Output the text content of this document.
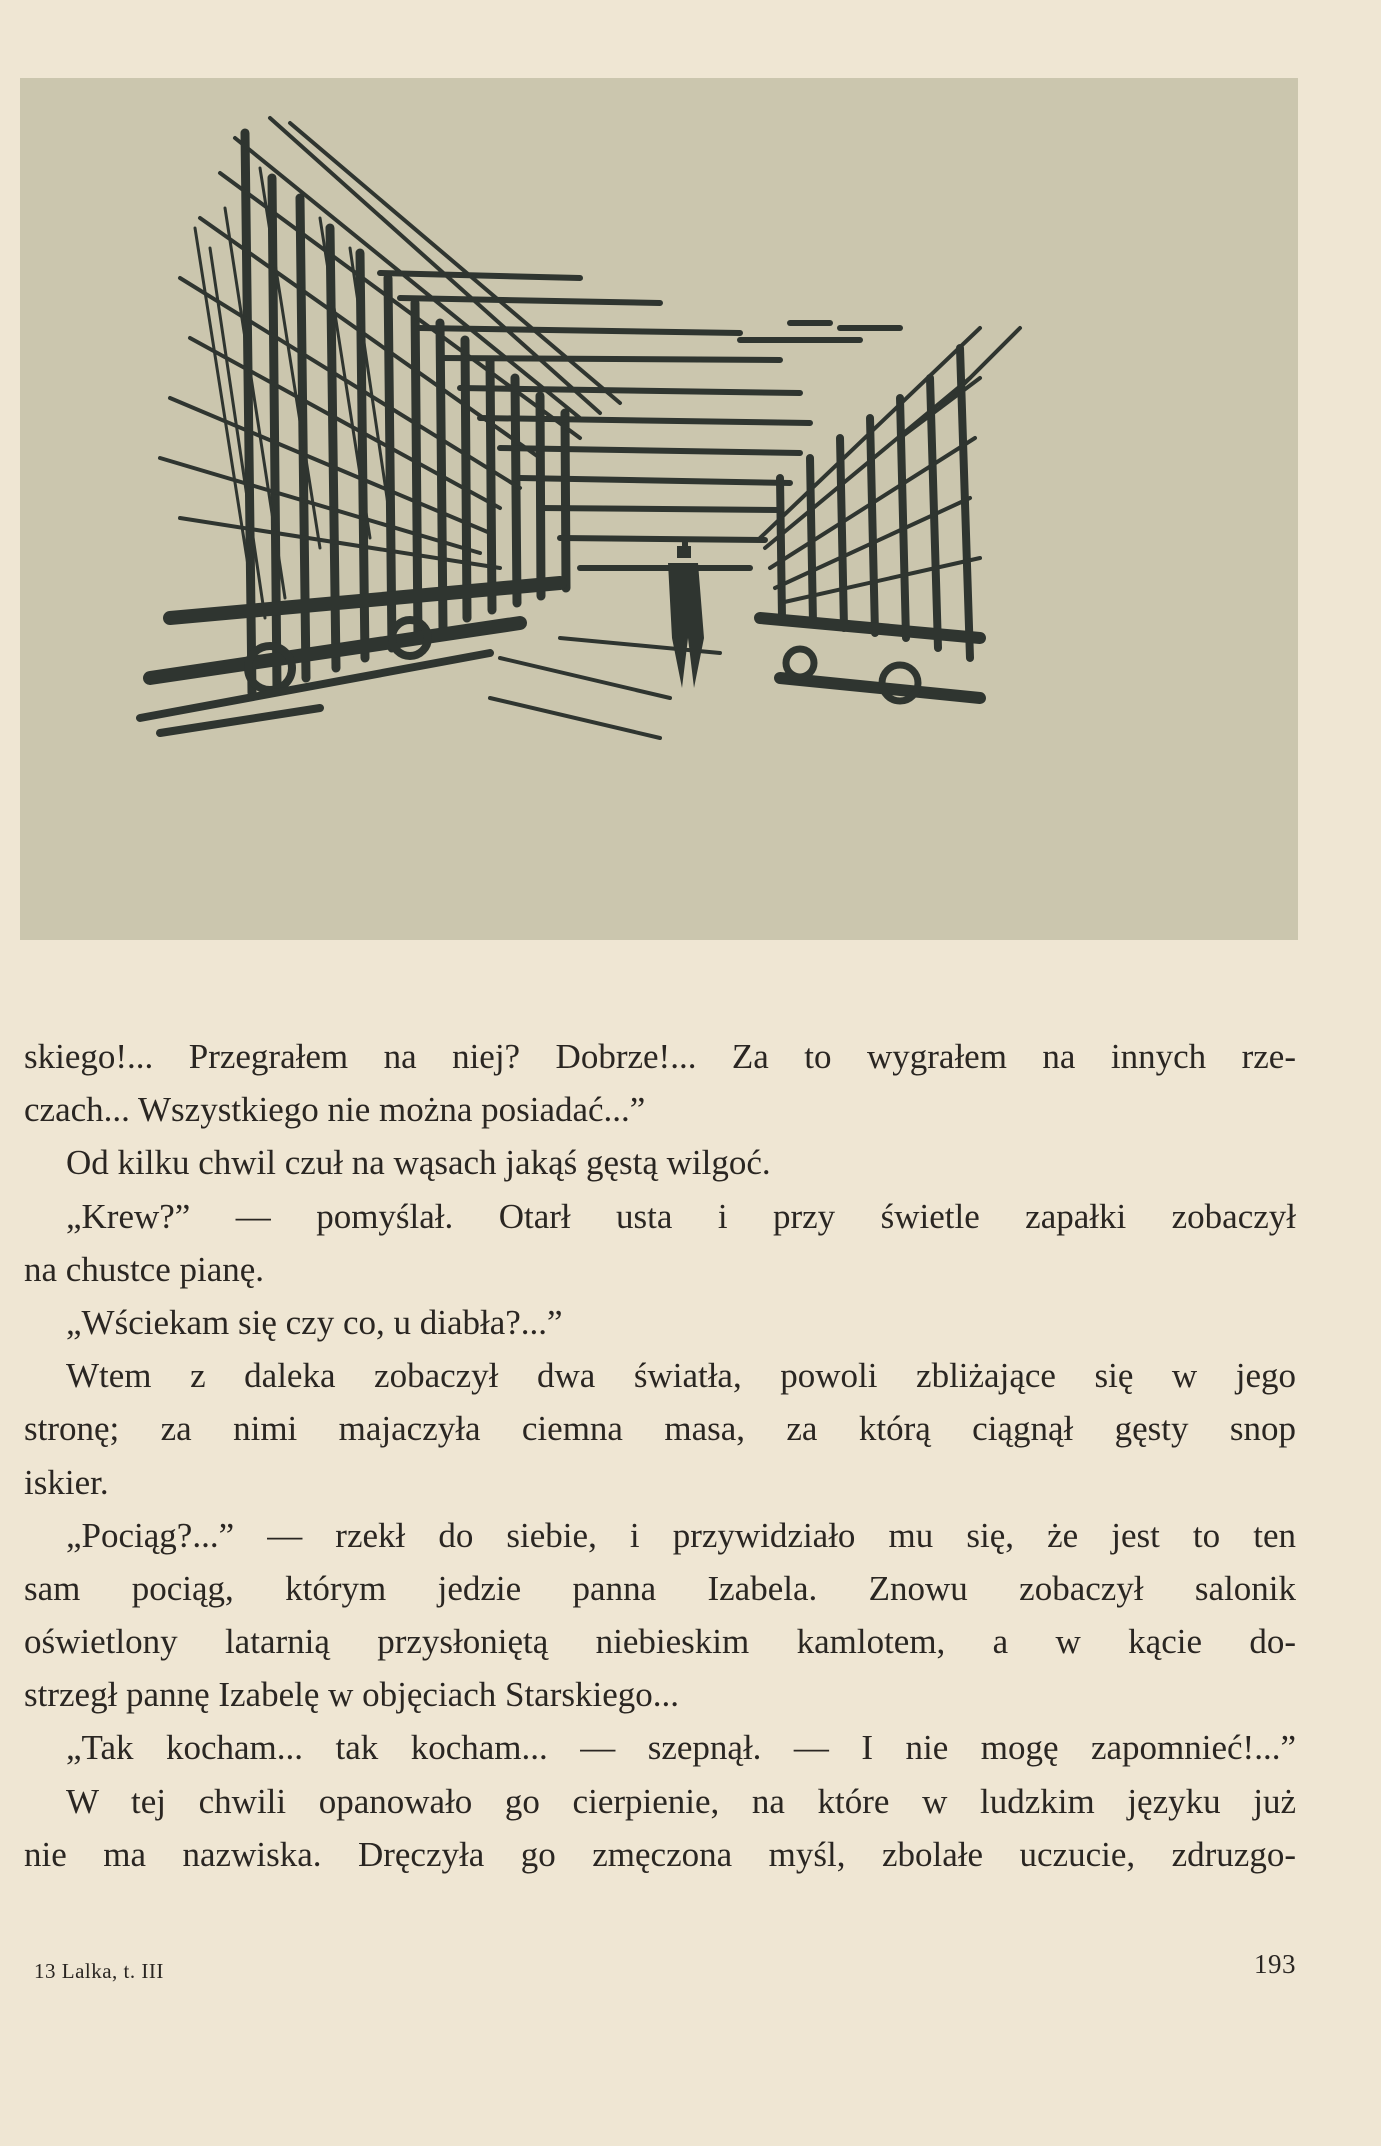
skiego!... Przegrałem na niej? Dobrze!... Za to wygrałem na innych rze-
czach... Wszystkiego nie można posiadać...”
Od kilku chwil czuł na wąsach jakąś gęstą wilgoć.
„Krew?” — pomyślał. Otarł usta i przy świetle zapałki zobaczył
na chustce pianę.
„Wściekam się czy co, u diabła?...”
Wtem z daleka zobaczył dwa światła, powoli zbliżające się w jego
stronę; za nimi majaczyła ciemna masa, za którą ciągnął gęsty snop
iskier.
„Pociąg?...” — rzekł do siebie, i przywidziało mu się, że jest to ten
sam pociąg, którym jedzie panna Izabela. Znowu zobaczył salonik
oświetlony latarnią przysłoniętą niebieskim kamlotem, a w kącie do-
strzegł pannę Izabelę w objęciach Starskiego...
„Tak kocham... tak kocham... — szepnął. — I nie mogę zapomnieć!...”
W tej chwili opanowało go cierpienie, na które w ludzkim języku już
nie ma nazwiska. Dręczyła go zmęczona myśl, zbolałe uczucie, zdruzgo-
13 Lalka, t. III	193
